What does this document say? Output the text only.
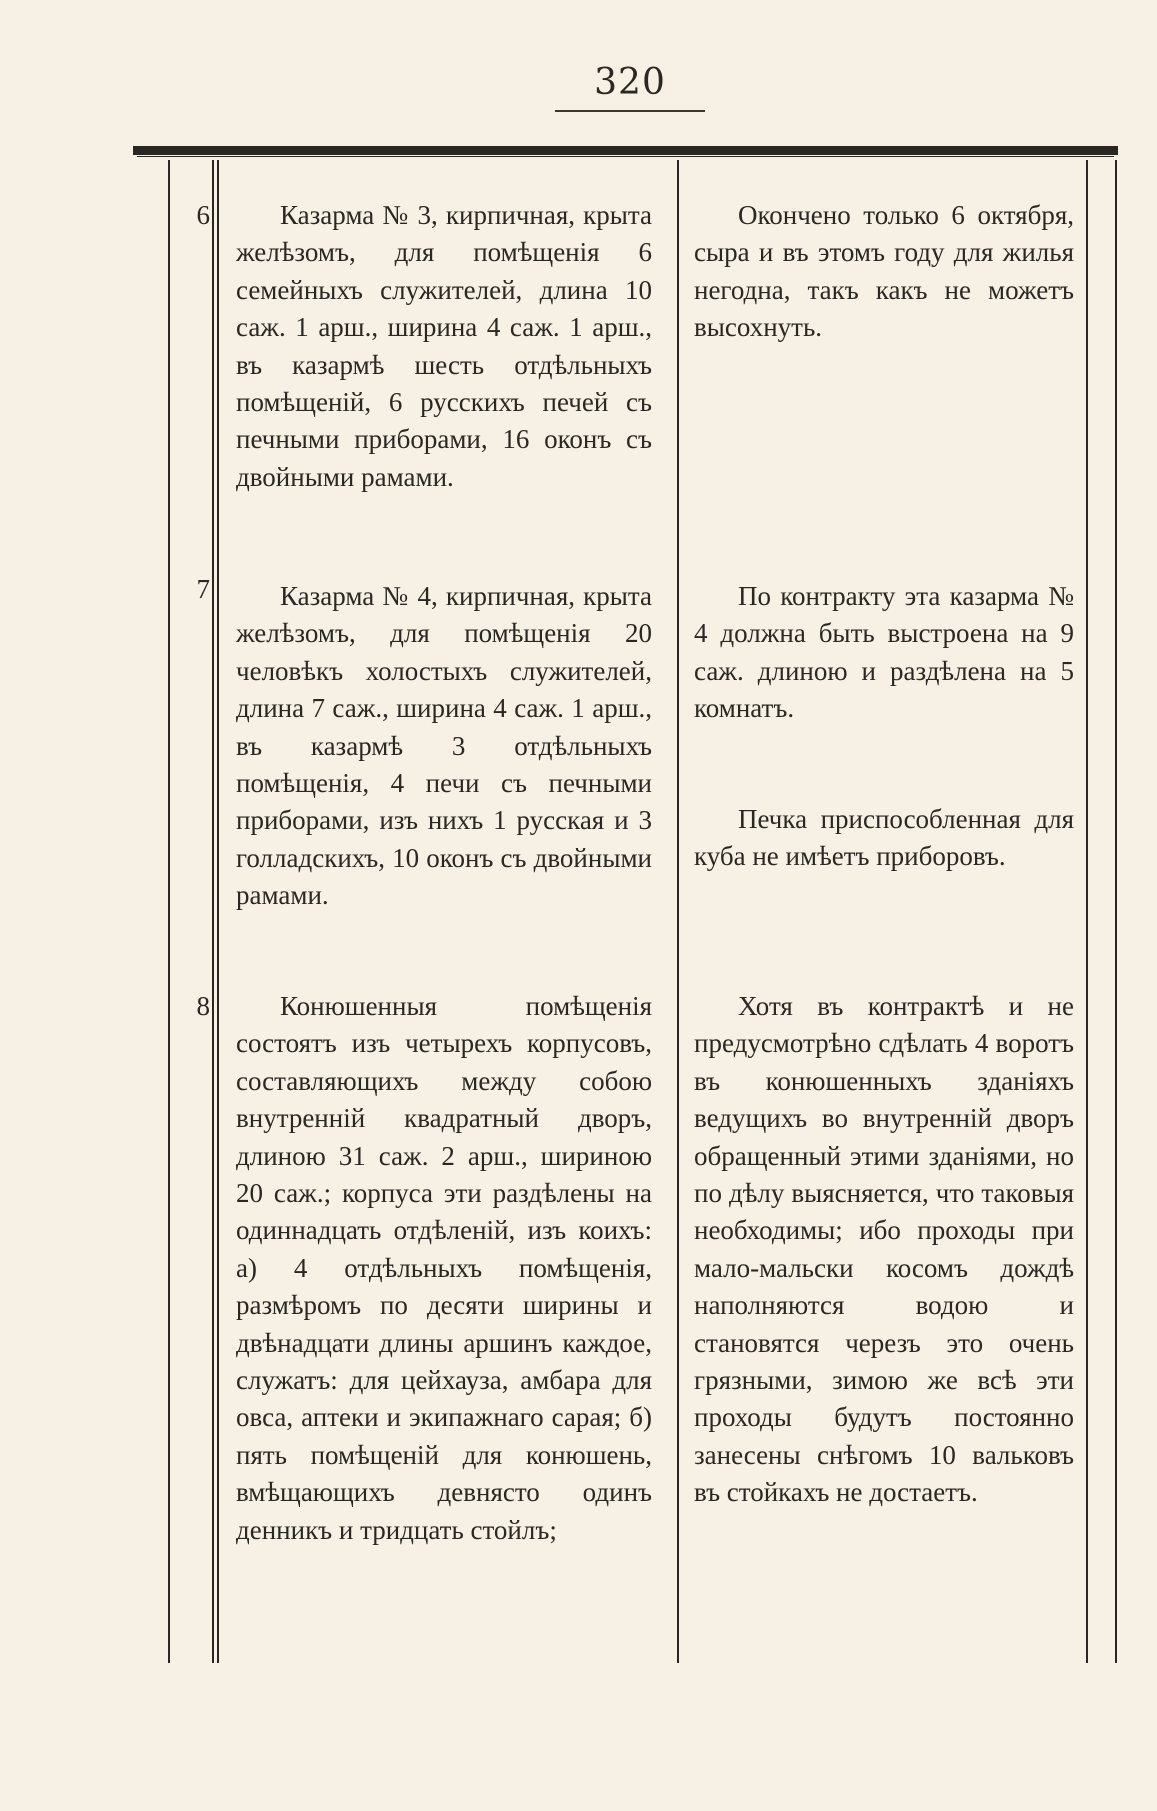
320
6	Казарма № 3, кирпичная, крыта желѣзомъ, для помѣщенія 6 семейныхъ служителей, длина 10 саж. 1 арш., ширина 4 саж. 1 арш., въ казармѣ шесть отдѣльныхъ помѣщеній, 6 русскихъ печей съ печными приборами, 16 оконъ съ двойными рамами.
Окончено только 6 октября, сыра и въ этомъ году для жилья негодна, такъ какъ не можетъ высохнуть.
7	Казарма № 4, кирпичная, крыта желѣзомъ, для помѣщенія 20 человѣкъ холостыхъ служителей, длина 7 саж., ширина 4 саж. 1 арш., въ казармѣ 3 отдѣльныхъ помѣщенія, 4 печи съ печными приборами, изъ нихъ 1 русская и 3 голладскихъ, 10 оконъ съ двойными рамами.
По контракту эта казарма № 4 должна быть выстроена на 9 саж. длиною и раздѣлена на 5 комнатъ.
Печка приспособленная для куба не имѣетъ приборовъ.
8	Конюшенныя помѣщенія состоятъ изъ четырехъ корпусовъ, составляющихъ между собою внутренній квадратный дворъ, длиною 31 саж. 2 арш., шириною 20 саж.; корпуса эти раздѣлены на одиннадцать отдѣленій, изъ коихъ: а) 4 отдѣльныхъ помѣщенія, размѣромъ по десяти ширины и двѣнадцати длины аршинъ каждое, служатъ: для цейхауза, амбара для овса, аптеки и экипажнаго сарая; б) пять помѣщеній для конюшень, вмѣщающихъ девнясто одинъ денникъ и тридцать стойлъ;
Хотя въ контрактѣ и не предусмотрѣно сдѣлать 4 воротъ въ конюшенныхъ зданіяхъ ведущихъ во внутренній дворъ обращенный этими зданіями, но по дѣлу выясняется, что таковыя необходимы; ибо проходы при мало-мальски косомъ дождѣ наполняются водою и становятся черезъ это очень грязными, зимою же всѣ эти проходы будутъ постоянно занесены снѣгомъ 10 вальковъ въ стойкахъ не достаетъ.
